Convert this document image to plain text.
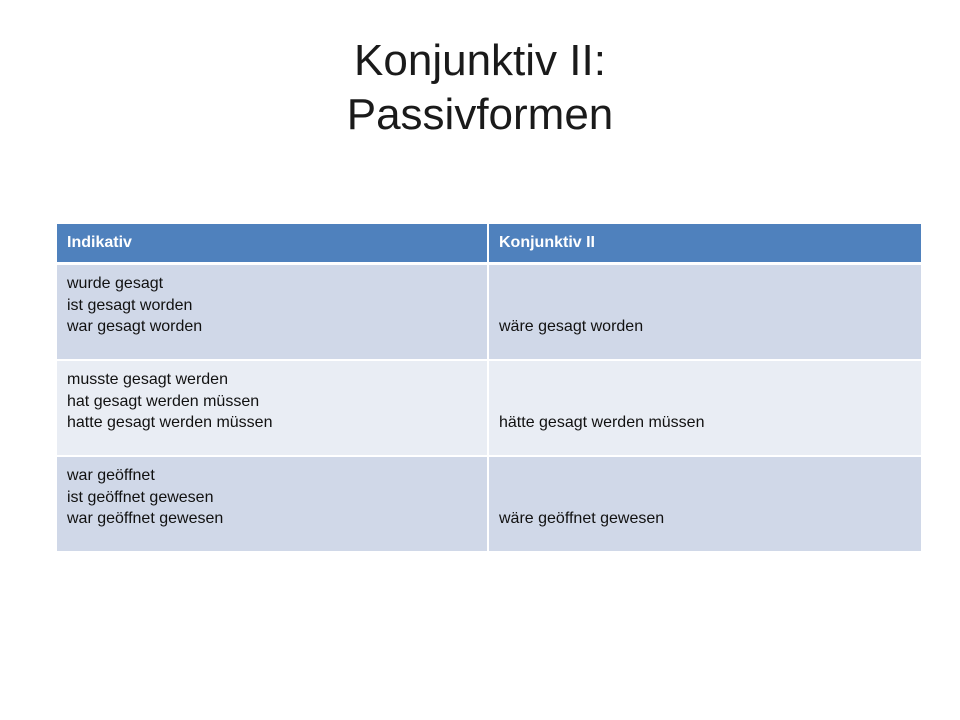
Konjunktiv II:
Passivformen
Indikativ	Konjunktiv II

wurde gesagt
ist gesagt worden
war gesagt worden	wäre gesagt worden

musste gesagt werden
hat gesagt werden müssen
hatte gesagt werden müssen	hätte gesagt werden müssen

war geöffnet
ist geöffnet gewesen
war geöffnet gewesen	wäre geöffnet gewesen
